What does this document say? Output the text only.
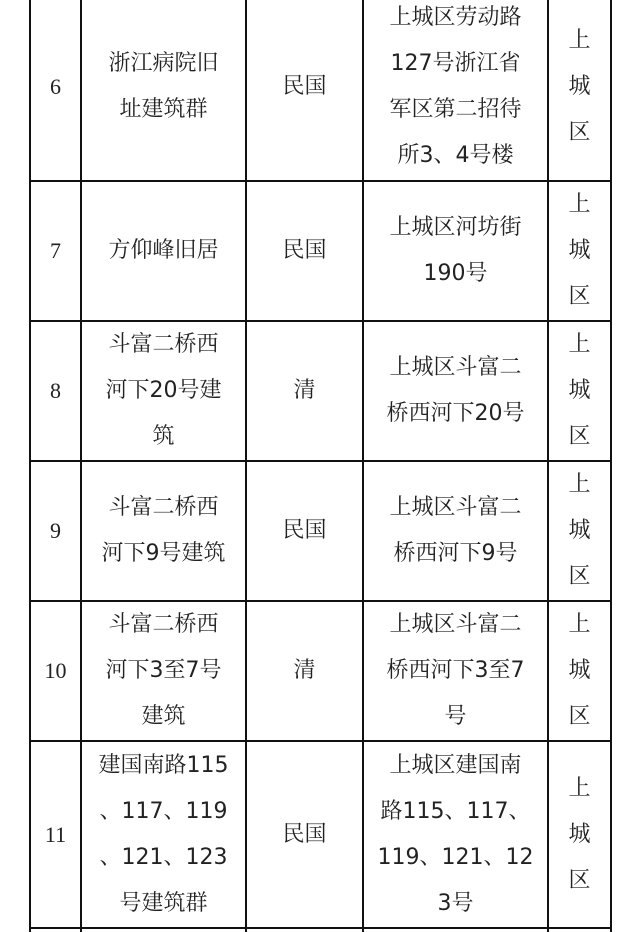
6
浙江病院旧
址建筑群
民国
上城区劳动路
127号浙江省
军区第二招待
所3、4号楼
上
城
区
7	方仰峰旧居	民国
上城区河坊街
190号
上
城
区
8
斗富二桥西
河下20号建
筑
清
上城区斗富二
桥西河下20号
上
城
区
9
斗富二桥西
河下9号建筑
民国
上城区斗富二
桥西河下9号
上
城
区
10
斗富二桥西
河下3至7号
建筑
清
上城区斗富二
桥西河下3至7
号
上
城
区
11
建国南路115
、117、119
、121、123
号建筑群
民国
上城区建国南
路115、117、
119、121、12
3号
上
城
区
